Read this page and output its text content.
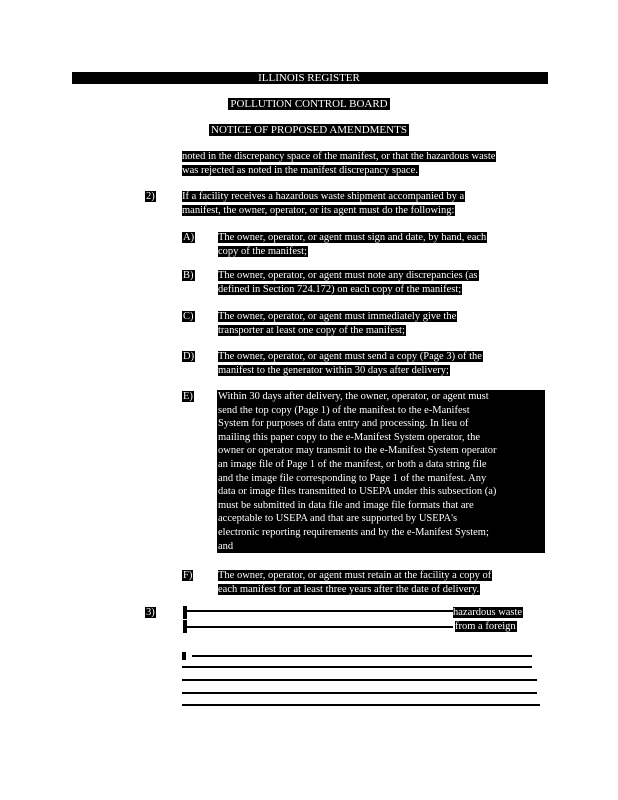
ILLINOIS REGISTER
POLLUTION CONTROL BOARD
NOTICE OF PROPOSED AMENDMENTS
noted in the discrepancy space of the manifest, or that the hazardous waste
was rejected as noted in the manifest discrepancy space.
2)	If a facility receives a hazardous waste shipment accompanied by a
manifest, the owner, operator, or its agent must do the following:
A) The owner, operator, or agent must sign and date, by hand, each
copy of the manifest;
B) The owner, operator, or agent must note any discrepancies (as
defined in Section 724.172) on each copy of the manifest;
C) The owner, operator, or agent must immediately give the
transporter at least one copy of the manifest;
D) The owner, operator, or agent must send a copy (Page 3) of the
manifest to the generator within 30 days after delivery;
E) Within 30 days after delivery, the owner, operator, or agent must
send the top copy (Page 1) of the manifest to the e-Manifest
System for purposes of data entry and processing. In lieu of
mailing this paper copy to the e-Manifest System operator, the
owner or operator may transmit to the e-Manifest System operator
an image file of Page 1 of the manifest, or both a data string file
and the image file corresponding to Page 1 of the manifest. Any
data or image files transmitted to USEPA under this subsection (a)
must be submitted in data file and image file formats that are
acceptable to USEPA and that are supported by USEPA's
electronic reporting requirements and by the e-Manifest System;
and
F) The owner, operator, or agent must retain at the facility a copy of
each manifest for at least three years after the date of delivery.
3)	hazardous waste
from a foreign
